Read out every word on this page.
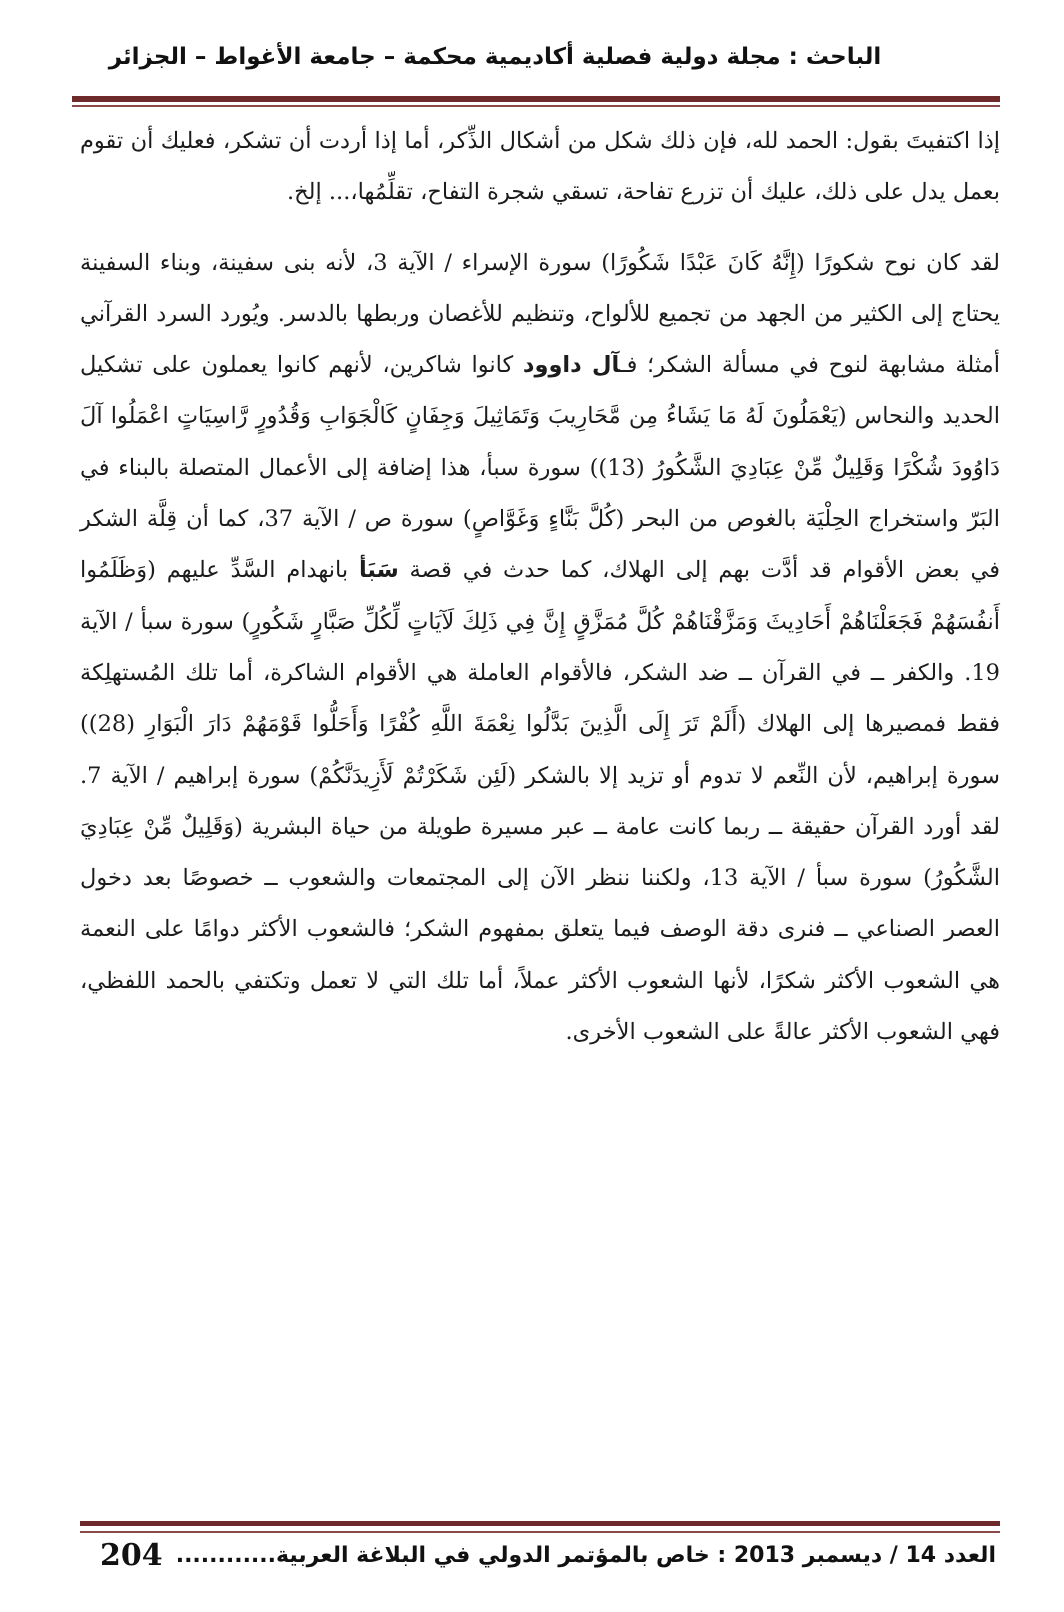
الباحث : مجلة دولية فصلية أكاديمية محكمة – جامعة الأغواط – الجزائر

إذا اكتفيتَ بقول: الحمد لله، فإن ذلك شكل من أشكال الذِّكر، أما إذا أردت أن تشكر، فعليك أن تقوم بعمل يدل على ذلك، عليك أن تزرع تفاحة، تسقي شجرة التفاح، تقلِّمُها،... إلخ.

لقد كان نوح شكورًا (إِنَّهُ كَانَ عَبْدًا شَكُورًا) سورة الإسراء / الآية 3، لأنه بنى سفينة، وبناء السفينة يحتاج إلى الكثير من الجهد من تجميع للألواح، وتنظيم للأغصان وربطها بالدسر. ويُورد السرد القرآني أمثلة مشابهة لنوح في مسألة الشكر؛ فـآل داوود كانوا شاكرين، لأنهم كانوا يعملون على تشكيل الحديد والنحاس (يَعْمَلُونَ لَهُ مَا يَشَاءُ مِن مَّحَارِيبَ وَتَمَاثِيلَ وَجِفَانٍ كَالْجَوَابِ وَقُدُورٍ رَّاسِيَاتٍ اعْمَلُوا آلَ دَاوُودَ شُكْرًا وَقَلِيلٌ مِّنْ عِبَادِيَ الشَّكُورُ (13)) سورة سبأ، هذا إضافة إلى الأعمال المتصلة بالبناء في البَرّ واستخراج الحِلْيَة بالغوص من البحر (كُلَّ بَنَّاءٍ وَغَوَّاصٍ) سورة ص / الآية 37، كما أن قِلَّة الشكر في بعض الأقوام قد أدَّت بهم إلى الهلاك، كما حدث في قصة سَبَأ بانهدام السَّدِّ عليهم (وَظَلَمُوا أَنفُسَهُمْ فَجَعَلْنَاهُمْ أَحَادِيثَ وَمَزَّقْنَاهُمْ كُلَّ مُمَزَّقٍ إِنَّ فِي ذَلِكَ لَآيَاتٍ لِّكُلِّ صَبَّارٍ شَكُورٍ) سورة سبأ / الآية 19. والكفر ــ في القرآن ــ ضد الشكر، فالأقوام العاملة هي الأقوام الشاكرة، أما تلك المُستهلِكة فقط فمصيرها إلى الهلاك (أَلَمْ تَرَ إِلَى الَّذِينَ بَدَّلُوا نِعْمَةَ اللَّهِ كُفْرًا وَأَحَلُّوا قَوْمَهُمْ دَارَ الْبَوَارِ (28)) سورة إبراهيم، لأن النِّعم لا تدوم أو تزيد إلا بالشكر (لَئِن شَكَرْتُمْ لَأَزِيدَنَّكُمْ) سورة إبراهيم / الآية 7. لقد أورد القرآن حقيقة ــ ربما كانت عامة ــ عبر مسيرة طويلة من حياة البشرية (وَقَلِيلٌ مِّنْ عِبَادِيَ الشَّكُورُ) سورة سبأ / الآية 13، ولكننا ننظر الآن إلى المجتمعات والشعوب ــ خصوصًا بعد دخول العصر الصناعي ــ فنرى دقة الوصف فيما يتعلق بمفهوم الشكر؛ فالشعوب الأكثر دوامًا على النعمة هي الشعوب الأكثر شكرًا، لأنها الشعوب الأكثر عملاً، أما تلك التي لا تعمل وتكتفي بالحمد اللفظي، فهي الشعوب الأكثر عالةً على الشعوب الأخرى.

العدد 14 / ديسمبر 2013 : خاص بالمؤتمر الدولي في البلاغة العربية............
204
